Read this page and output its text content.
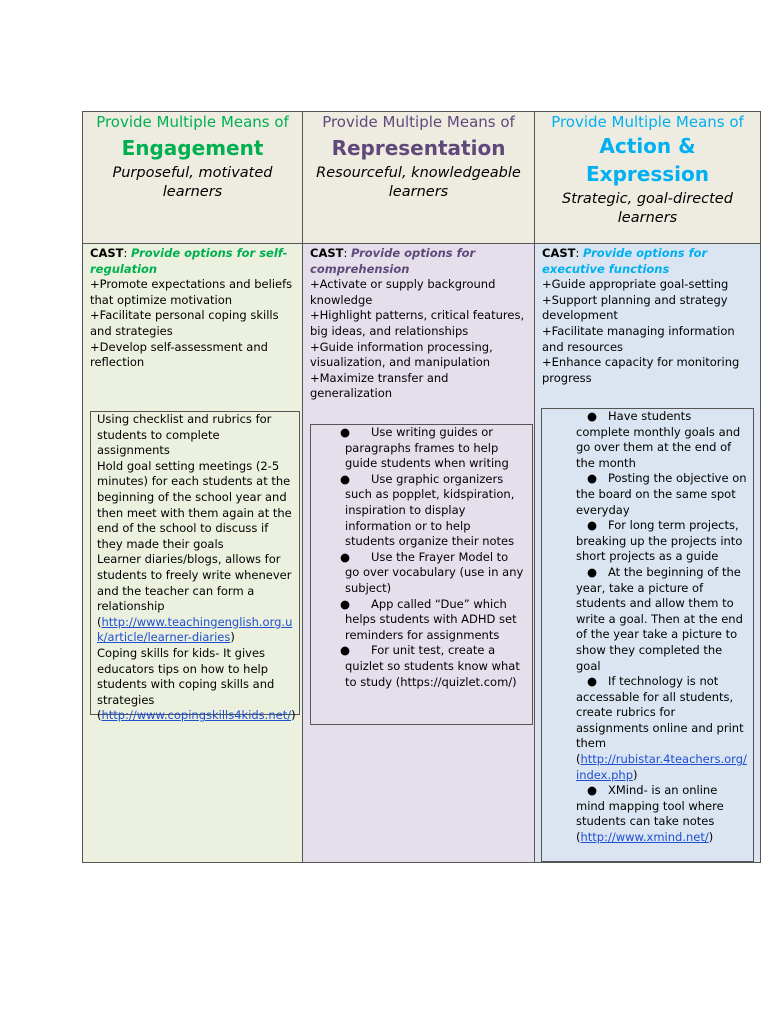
Provide Multiple Means of
Engagement
Purposeful, motivated learners
CAST: Provide options for self-regulation
+Promote expectations and beliefs that optimize motivation
+Facilitate personal coping skills and strategies
+Develop self-assessment and reflection

Using checklist and rubrics for students to complete assignments

Hold goal setting meetings (2-5 minutes) for each students at the beginning of the school year and then meet with them again at the end of the school to discuss if they made their goals

Learner diaries/blogs, allows for students to freely write whenever and the teacher can form a relationship

(http://www.teachingenglish.org.uk/article/learner-diaries)

Coping skills for kids- It gives educators tips on how to help students with coping skills and strategies

(http://www.copingskills4kids.net/)

Provide Multiple Means of
Representation
Resourceful, knowledgeable learners
CAST: Provide options for comprehension
+Activate or supply background knowledge
+Highlight patterns, critical features, big ideas, and relationships
+Guide information processing, visualization, and manipulation
+Maximize transfer and generalization
● Use writing guides or paragraphs frames to help guide students when writing
● Use graphic organizers such as popplet, kidspiration, inspiration to display information or to help students organize their notes
● Use the Frayer Model to go over vocabulary (use in any subject)
● App called “Due” which helps students with ADHD set reminders for assignments
● For unit test, create a quizlet so students know what to study (https://quizlet.com/)
Provide Multiple Means of
Action & Expression
Strategic, goal-directed learners
CAST: Provide options for executive functions
+Guide appropriate goal-setting
+Support planning and strategy development
+Facilitate managing information and resources
+Enhance capacity for monitoring progress
● Have students complete monthly goals and go over them at the end of the month
● Posting the objective on the board on the same spot everyday
● For long term projects, breaking up the projects into short projects as a guide
● At the beginning of the year, take a picture of students and allow them to write a goal. Then at the end of the year take a picture to show they completed the goal
● If technology is not accessable for all students, create rubrics for assignments online and print them
(http://rubistar.4teachers.org/index.php)
● XMind- is an online mind mapping tool where students can take notes
(http://www.xmind.net/)
